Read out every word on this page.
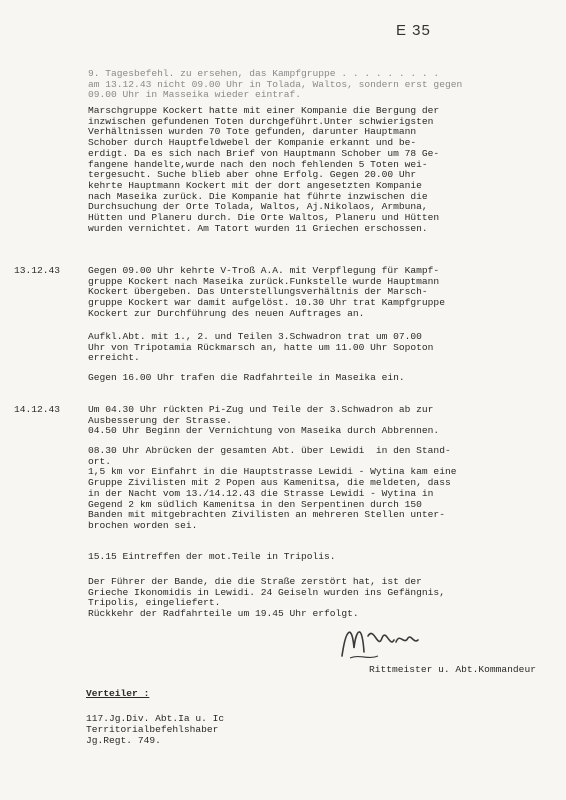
E 35

9. Tagesbefehl. zu ersehen, das Kampfgruppe . . . . . . . . .

am 13.12.43 nicht 09.00 Uhr in Tolada, Waltos, sondern erst gegen

09.00 Uhr in Masseika wieder eintraf.

Marschgruppe Kockert hatte mit einer Kompanie die Bergung der

inzwischen gefundenen Toten durchgeführt.Unter schwierigsten

Verhältnissen wurden 70 Tote gefunden, darunter Hauptmann

Schober durch Hauptfeldwebel der Kompanie erkannt und be-

erdigt. Da es sich nach Brief von Hauptmann Schober um 78 Ge-

fangene handelte,wurde nach den noch fehlenden 5 Toten wei-

tergesucht. Suche blieb aber ohne Erfolg. Gegen 20.00 Uhr

kehrte Hauptmann Kockert mit der dort angesetzten Kompanie

nach Maseika zurück. Die Kompanie hat führte inzwischen die

Durchsuchung der Orte Tolada, Waltos, Aj.Nikolaos, Armbuna,

Hütten und Planeru durch. Die Orte Waltos, Planeru und Hütten

wurden vernichtet. Am Tatort wurden 11 Griechen erschossen.

13.12.43	Gegen 09.00 Uhr kehrte V-Troß A.A. mit Verpflegung für Kampf-

gruppe Kockert nach Maseika zurück.Funkstelle wurde Hauptmann

Kockert übergeben. Das Unterstellungsverhältnis der Marsch-

gruppe Kockert war damit aufgelöst. 10.30 Uhr trat Kampfgruppe

Kockert zur Durchführung des neuen Auftrages an.

Aufkl.Abt. mit 1., 2. und Teilen 3.Schwadron trat um 07.00

Uhr von Tripotamia Rückmarsch an, hatte um 11.00 Uhr Sopoton

erreicht.

Gegen 16.00 Uhr trafen die Radfahrteile in Maseika ein.

14.12.43	Um 04.30 Uhr rückten Pi-Zug und Teile der 3.Schwadron ab zur

Ausbesserung der Strasse.

04.50 Uhr Beginn der Vernichtung von Maseika durch Abbrennen.

08.30 Uhr Abrücken der gesamten Abt. über Lewidi  in den Stand-

ort.

1,5 km vor Einfahrt in die Hauptstrasse Lewidi - Wytina kam eine

Gruppe Zivilisten mit 2 Popen aus Kamenitsa, die meldeten, dass

in der Nacht vom 13./14.12.43 die Strasse Lewidi - Wytina in

Gegend 2 km südlich Kamenitsa in den Serpentinen durch 150

Banden mit mitgebrachten Zivilisten an mehreren Stellen unter-

brochen worden sei.

15.15 Eintreffen der mot.Teile in Tripolis.

Der Führer der Bande, die die Straße zerstört hat, ist der

Grieche Ikonomidis in Lewidi. 24 Geiseln wurden ins Gefängnis,

Tripolis, eingeliefert.

Rückkehr der Radfahrteile um 19.45 Uhr erfolgt.

Rittmeister u. Abt.Kommandeur
Verteiler :
117.Jg.Div. Abt.Ia u. Ic
Territorialbefehlshaber
Jg.Regt. 749.
